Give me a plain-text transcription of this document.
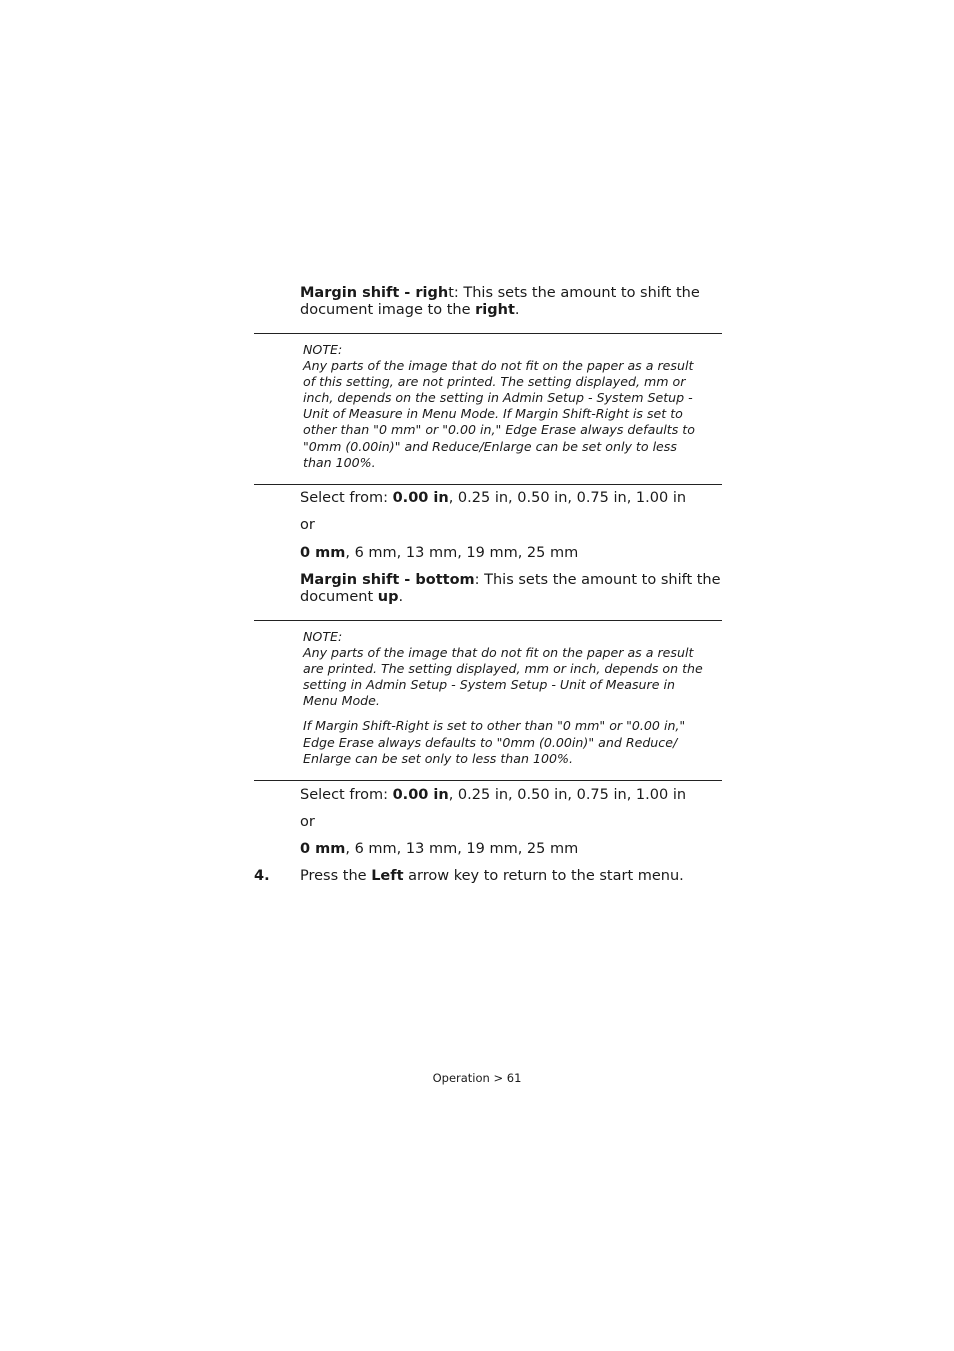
Margin shift - right: This sets the amount to shift the document image to the right.

NOTE:

Any parts of the image that do not fit on the paper as a result of this setting, are not printed. The setting displayed, mm or inch, depends on the setting in Admin Setup - System Setup - Unit of Measure in Menu Mode. If Margin Shift-Right is set to other than "0 mm" or "0.00 in," Edge Erase always defaults to "0mm (0.00in)" and Reduce/Enlarge can be set only to less than 100%.

Select from: 0.00 in, 0.25 in, 0.50 in, 0.75 in, 1.00 in
or
0 mm, 6 mm, 13 mm, 19 mm, 25 mm
Margin shift - bottom: This sets the amount to shift the document up.

NOTE:

Any parts of the image that do not fit on the paper as a result are printed. The setting displayed, mm or inch, depends on the setting in Admin Setup - System Setup - Unit of Measure in Menu Mode.

If Margin Shift-Right is set to other than "0 mm" or "0.00 in," Edge Erase always defaults to "0mm (0.00in)" and Reduce/ Enlarge can be set only to less than 100%.

Select from: 0.00 in, 0.25 in, 0.50 in, 0.75 in, 1.00 in
or
0 mm, 6 mm, 13 mm, 19 mm, 25 mm
4. Press the Left arrow key to return to the start menu.
Operation > 61
